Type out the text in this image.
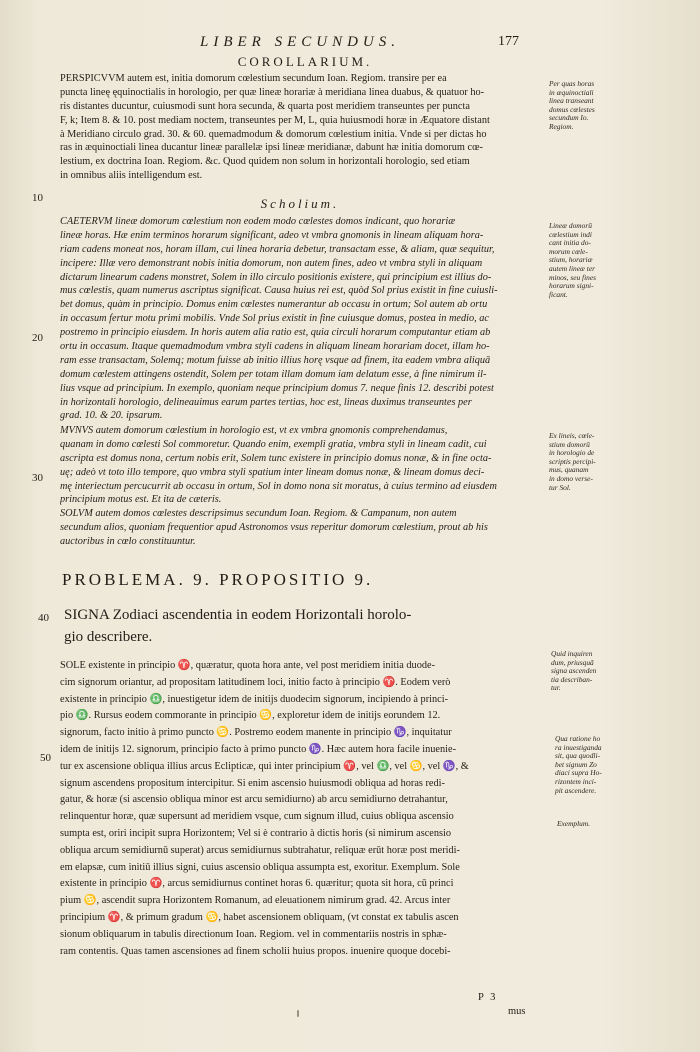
LIBER SECUNDUS.	177
COROLLARIUM.
PERSPICVVM autem est, initia domorum cœlestium secundum Ioan. Regiom. transire per ea
puncta lineę ęquinoctialis in horologio, per quæ lineæ horariæ à meridiana linea duabus, & quatuor ho-
ris distantes ducuntur, cuiusmodi sunt hora secunda, & quarta post meridiem transeuntes per puncta
F, k; Item 8. & 10. post mediam noctem, transeuntes per M, L, quia huiusmodi horæ in Æquatore distant
à Meridiano circulo grad. 30. & 60. quemadmodum & domorum cœlestium initia. Vnde si per dictas ho
ras in æquinoctiali linea ducantur lineæ parallelæ ipsi lineæ meridianæ, dabunt hæ initia domorum cœ-
lestium, ex doctrina Ioan. Regiom. &c. Quod quidem non solum in horizontali horologio, sed etiam
in omnibus aliis intelligendum est.
Scholium.
CAETERVM lineæ domorum cœlestium non eodem modo cœlestes domos indicant, quo horariæ
lineæ horas. Hæ enim terminos horarum significant, adeo vt vmbra gnomonis in lineam aliquam hora-
riam cadens moneat nos, horam illam, cui linea horaria debetur, transactam esse, & aliam, quæ sequitur,
incipere: Illæ vero demonstrant nobis initia domorum, non autem fines, adeo vt vmbra styli in aliquam
dictarum linearum cadens monstret, Solem in illo circulo positionis existere, qui principium est illius do-
mus cœlestis, quam numerus ascriptus significat. Causa huius rei est, quòd Sol prius existit in fine cuiusli-
bet domus, quàm in principio. Domus enim cœlestes numerantur ab occasu in ortum; Sol autem ab ortu
in occasum fertur motu primi mobilis. Vnde Sol prius existit in fine cuiusque domus, postea in medio, ac
postremo in principio eiusdem. In horis autem alia ratio est, quia circuli horarum computantur etiam ab
ortu in occasum. Itaque quemadmodum vmbra styli cadens in aliquam lineam horariam docet, illam ho-
ram esse transactam, Solemq; motum fuisse ab initio illius horę vsque ad finem, ita eadem vmbra aliquā
domum cœlestem attingens ostendit, Solem per totam illam domum iam delatum esse, à fine nimirum il-
lius vsque ad principium. In exemplo, quoniam neque principium domus 7. neque finis 12. describi potest
in horizontali horologio, delineauimus earum partes tertias, hoc est, lineas duximus transeuntes per
grad. 10. & 20. ipsarum.
MVNVS autem domorum cœlestium in horologio est, vt ex vmbra gnomonis comprehendamus,
quanam in domo cœlesti Sol commoretur. Quando enim, exempli gratia, vmbra styli in lineam cadit, cui
ascripta est domus nona, certum nobis erit, Solem tunc existere in principio domus nonæ, & in fine octa-
uę; adeò vt toto illo tempore, quo vmbra styli spatium inter lineam domus nonæ, & lineam domus deci-
mę interiectum percucurrit ab occasu in ortum, Sol in domo nona sit moratus, à cuius termino ad eiusdem
principium motus est. Et ita de cæteris.
SOLVM autem domos cœlestes descripsimus secundum Ioan. Regiom. & Campanum, non autem
secundum alios, quoniam frequentior apud Astronomos vsus reperitur domorum cœlestium, prout ab his
auctoribus in cœlo constituuntur.
PROBLEMA. 9. PROPOSITIO 9.
SIGNA Zodiaci ascendentia in eodem Horizontali horolo-
gio describere.
SOLE existente in principio ♈, quæratur, quota hora ante, vel post meridiem initia duode-
cim signorum oriantur, ad propositam latitudinem loci, initio facto à principio ♈. Eodem verò
existente in principio ♎, inuestigetur idem de initijs duodecim signorum, incipiendo à princi-
pio ♎. Rursus eodem commorante in principio ♋, exploretur idem de initijs eorundem 12.
signorum, facto initio à primo puncto ♋. Postremo eodem manente in principio ♑, inquitatur
idem de initijs 12. signorum, principio facto à primo puncto ♑. Hæc autem hora facile inuenie-
tur ex ascensione obliqua illius arcus Eclipticæ, qui inter principium ♈, vel ♎, vel ♋, vel ♑, &
signum ascendens propositum intercipitur. Si enim ascensio huiusmodi obliqua ad horas redi-
gatur, & horæ (si ascensio obliqua minor est arcu semidiurno) ab arcu semidiurno detrahantur,
relinquentur horæ, quæ supersunt ad meridiem vsque, cum signum illud, cuius obliqua ascensio
sumpta est, oriri incipit supra Horizontem; Vel si è contrario à dictis horis (si nimirum ascensio
obliqua arcum semidiurnū superat) arcus semidiurnus subtrahatur, reliquæ erūt horæ post meridi-
em elapsæ, cum initiū illius signi, cuius ascensio obliqua assumpta est, exoritur. Exemplum. Sole
existente in principio ♈, arcus semidiurnus continet horas 6. quæritur; quota sit hora, cū princi
pium ♋, ascendit supra Horizontem Romanum, ad eleuationem nimirum grad. 42. Arcus inter
principium ♈, & primum gradum ♋, habet ascensionem obliquam, (vt constat ex tabulis ascen
sionum obliquarum in tabulis directionum Ioan. Regiom. vel in commentariis nostris in sphæ-
ram contentis. Quas tamen ascensiones ad finem scholii huius propos. inuenire quoque docebi-
P 3
mus
Per quas horas
in æquinoctiali
linea transeant
domus cœlestes
secundum Io.
Regiom.
Lineæ domorū
cœlestium indi
cant initia do-
morum cœle-
stium, horariæ
autem lineæ ter
minos, seu fines
horarum signi-
ficant.
Ex lineis, cœle-
stium domorū
in horologio de
scriptis percipi-
mus, quanam
in domo verse-
tur Sol.
Quid inquiren
dum, priusquā
signa ascenden
tia describan-
tur.
Qua ratione ho
ra inuestiganda
sit, qua quodli-
bet signum Zo
diaci supra Ho-
rizontem inci-
pit ascendere.
Exemplum.
10
20
30
40
50
